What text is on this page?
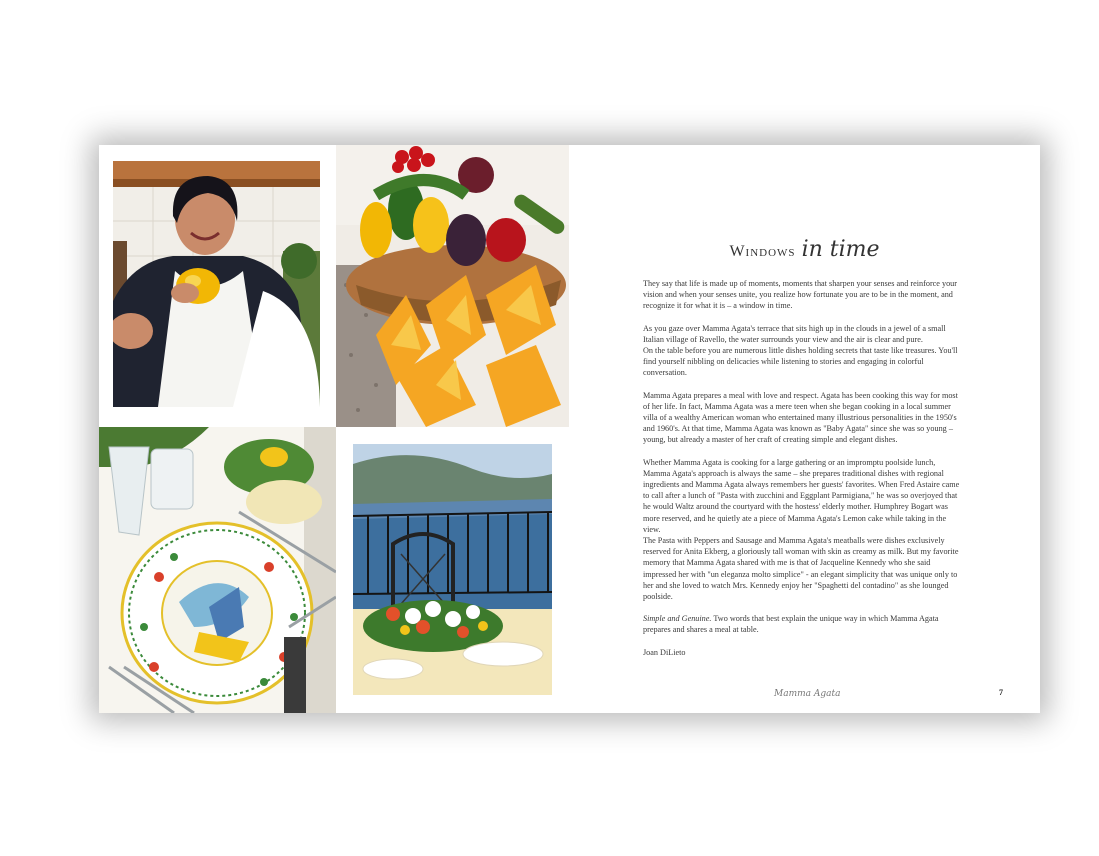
Windows in time

They say that life is made up of moments, moments that sharpen your senses and reinforce your vision and when your senses unite, you realize how fortunate you are to be in the moment, and recognize it for what it is – a window in time.

As you gaze over Mamma Agata's terrace that sits high up in the clouds in a jewel of a small Italian village of Ravello, the water surrounds your view and the air is clear and pure.

On the table before you are numerous little dishes holding secrets that taste like treasures. You'll find yourself nibbling on delicacies while listening to stories and engaging in colorful conversation.

Mamma Agata prepares a meal with love and respect. Agata has been cooking this way for most of her life. In fact, Mamma Agata was a mere teen when she began cooking in a local summer villa of a wealthy American woman who entertained many illustrious personalities in the 1950's and 1960's. At that time, Mamma Agata was known as "Baby Agata" since she was so young – young, but already a master of her craft of creating simple and elegant dishes.

Whether Mamma Agata is cooking for a large gathering or an impromptu poolside lunch, Mamma Agata's approach is always the same – she prepares traditional dishes with regional ingredients and Mamma Agata always remembers her guests' favorites. When Fred Astaire came to call after a lunch of "Pasta with zucchini and Eggplant Parmigiana," he was so overjoyed that he would Waltz around the courtyard with the hostess' elderly mother. Humphrey Bogart was more reserved, and he quietly ate a piece of Mamma Agata's Lemon cake while taking in the view.

The Pasta with Peppers and Sausage and Mamma Agata's meatballs were dishes exclusively reserved for Anita Ekberg, a gloriously tall woman with skin as creamy as milk. But my favorite memory that Mamma Agata shared with me is that of Jacqueline Kennedy who she said impressed her with "un eleganza molto simplice" - an elegant simplicity that was unique only to her and she loved to watch Mrs. Kennedy enjoy her "Spaghetti del contadino" as she lounged poolside.

Simple and Genuine. Two words that best explain the unique way in which Mamma Agata prepares and shares a meal at table.

Joan DiLieto

Mamma Agata	7
